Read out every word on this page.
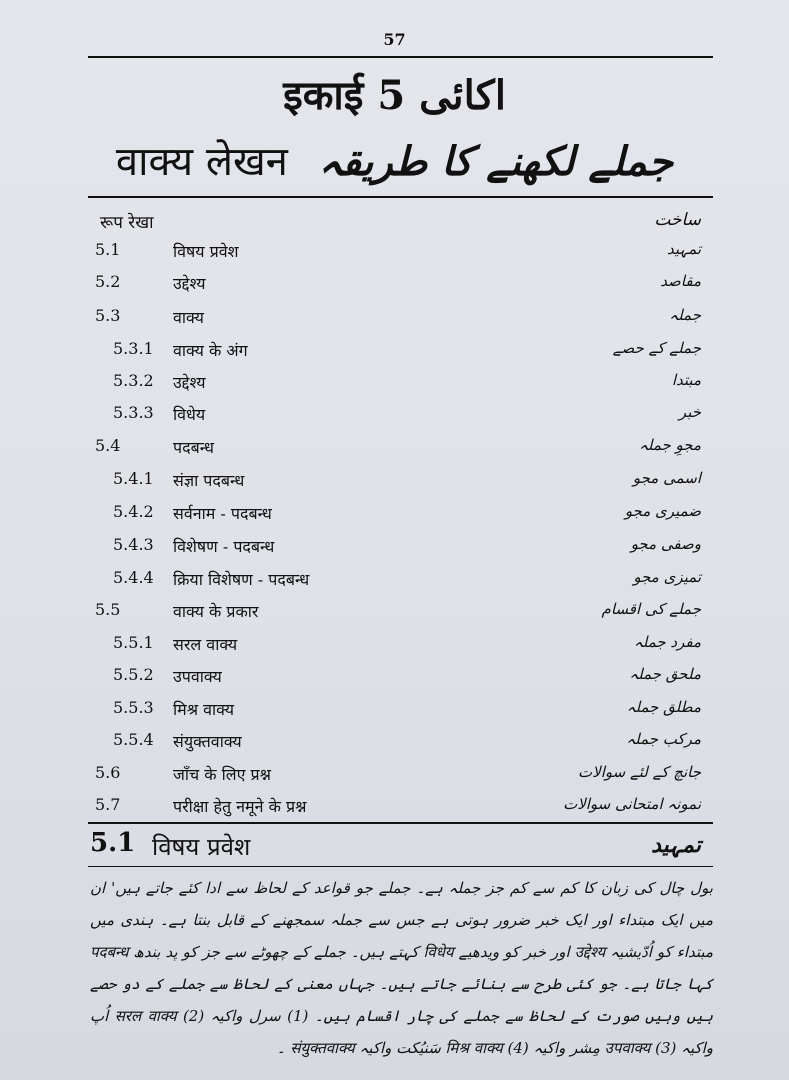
57
इकाई 5 اکائی
वाक्य लेखन جملے لکھنے کا طریقہ
रूप रेखा	ساخت
5.1	विषय प्रवेश	تمہید
5.2	उद्देश्य	مقاصد
5.3	वाक्य	جملہ
5.3.1 वाक्य के अंग	جملے کے حصے
5.3.2 उद्देश्य	مبتدا
5.3.3 विधेय	خبر
5.4	पदबन्ध	مجوِ جملہ
5.4.1 संज्ञा पदबन्ध	اسمی مجو
5.4.2 सर्वनाम - पदबन्ध	ضمیری مجو
5.4.3 विशेषण - पदबन्ध	وصفی مجو
5.4.4 क्रिया विशेषण - पदबन्ध	تمیزی مجو
5.5	वाक्य के प्रकार	جملے کی اقسام
5.5.1 सरल वाक्य	مفرد جملہ
5.5.2 उपवाक्य	ملحق جملہ
5.5.3 मिश्र वाक्य	مطلق جملہ
5.5.4 संयुक्तवाक्य	مرکب جملہ
5.6	जाँच के लिए प्रश्न	جانچ کے لئے سوالات
5.7	परीक्षा हेतु नमूने के प्रश्न	نمونہ امتحانی سوالات
5.1 विषय प्रवेश	تمہید
بول چال کی زبان کا کم سے کم جز جملہ ہے۔ جملے جو قواعد کے لحاظ سے ادا کئے جاتے ہیں' ان میں ایک مبتداء اور ایک خبر ضرور ہوتی ہے جس سے جملہ سمجھنے کے قابل بنتا ہے۔ ہندی میں مبتداء کو اُدّیشیہ उद्देश्य اور خبر کو ویدھیے विधेय کہتے ہیں۔ جملے کے چھوٹے سے جز کو پد بندھ पदबन्ध کہا جاتا ہے۔ جو کئی طرح سے بنائے جاتے ہیں۔ جہاں معنی کے لحاظ سے جملے کے دو حصے ہیں وہیں صورت کے لحاظ سے جملے کی چار اقسام ہیں۔ (1) سرل واکیہ सरल वाक्य (2) اُپ واکیہ उपवाक्य (3) مِشر واکیہ मिश्र वाक्य (4) سَنیُکت واکیہ संयुक्तवाक्य ۔
